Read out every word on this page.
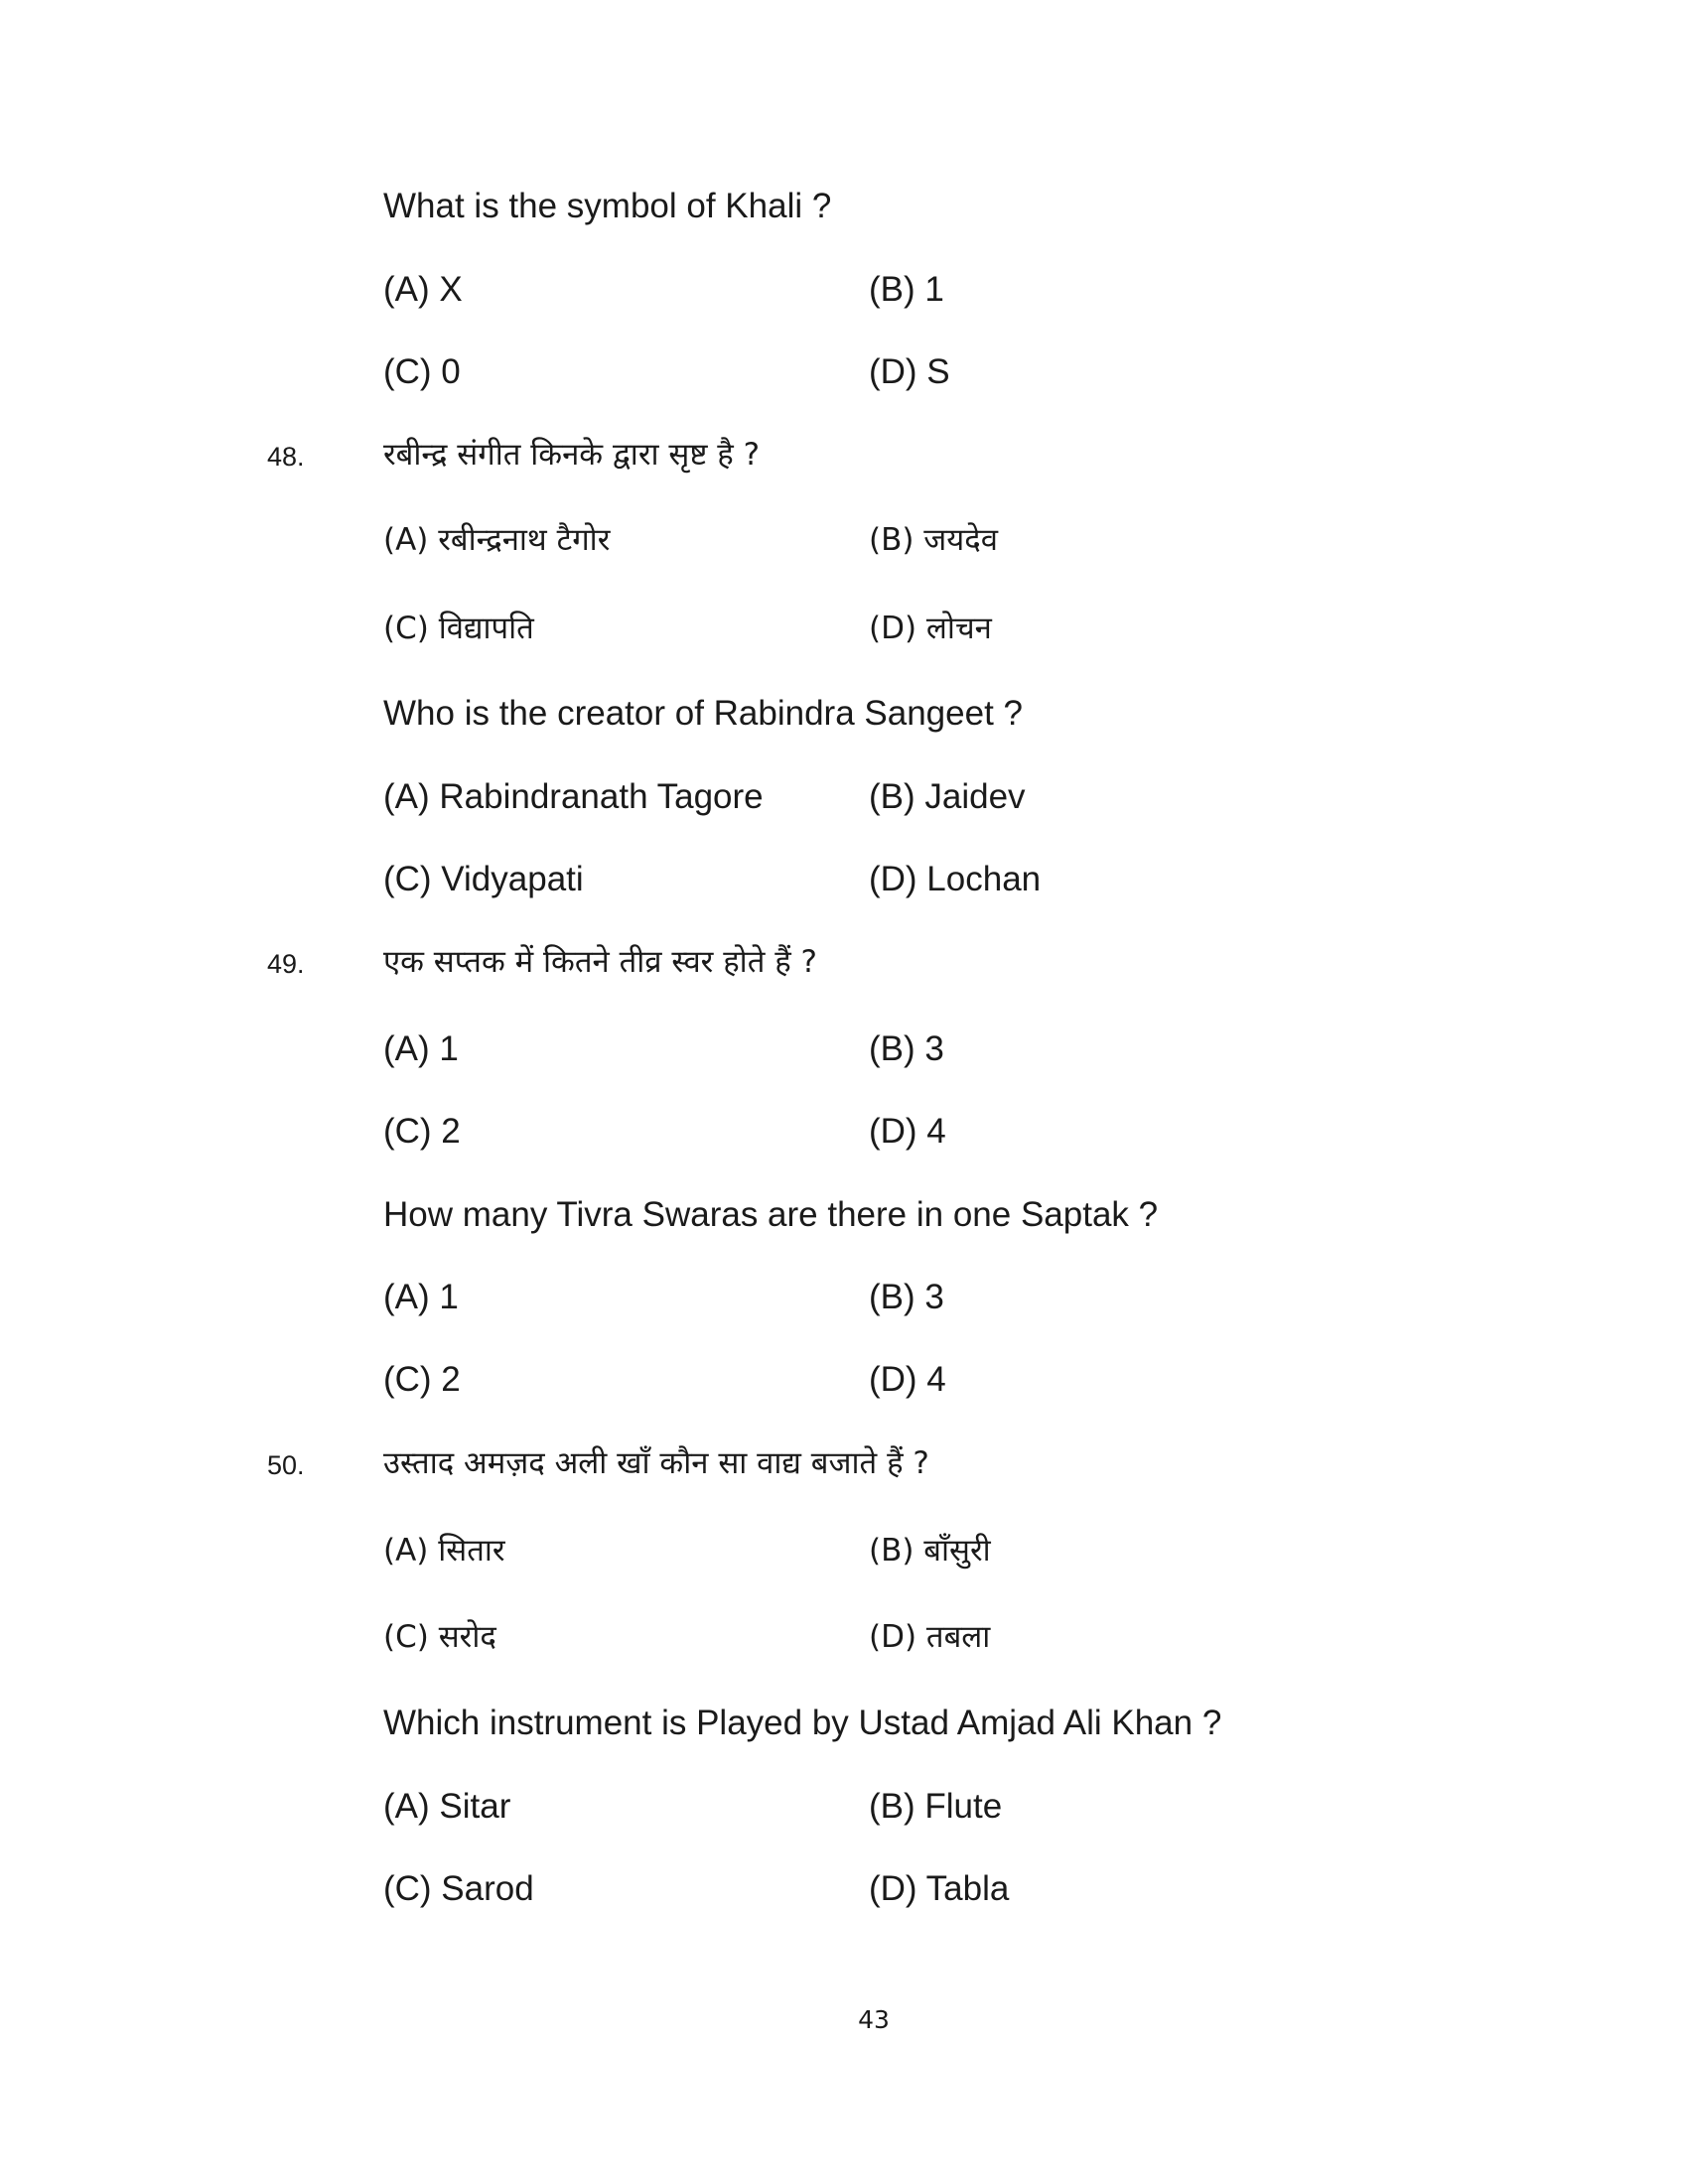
What is the symbol of Khali ?
(A) X	(B) 1
(C) 0	(D) S
48.	रबीन्द्र संगीत किनके द्वारा सृष्ट है ?
(A) रबीन्द्रनाथ टैगोर	(B) जयदेव
(C) विद्यापति	(D) लोचन
Who is the creator of Rabindra Sangeet ?
(A) Rabindranath Tagore	(B) Jaidev
(C) Vidyapati	(D) Lochan
49.	एक सप्तक में कितने तीव्र स्वर होते हैं ?
(A) 1	(B) 3
(C) 2	(D) 4
How many Tivra Swaras are there in one Saptak ?
(A) 1	(B) 3
(C) 2	(D) 4
50.	उस्ताद अमज़द अली खाँ कौन सा वाद्य बजाते हैं ?
(A) सितार	(B) बाँसुरी
(C) सरोद	(D) तबला
Which instrument is Played by Ustad Amjad Ali Khan ?
(A) Sitar	(B) Flute
(C) Sarod	(D) Tabla
43
